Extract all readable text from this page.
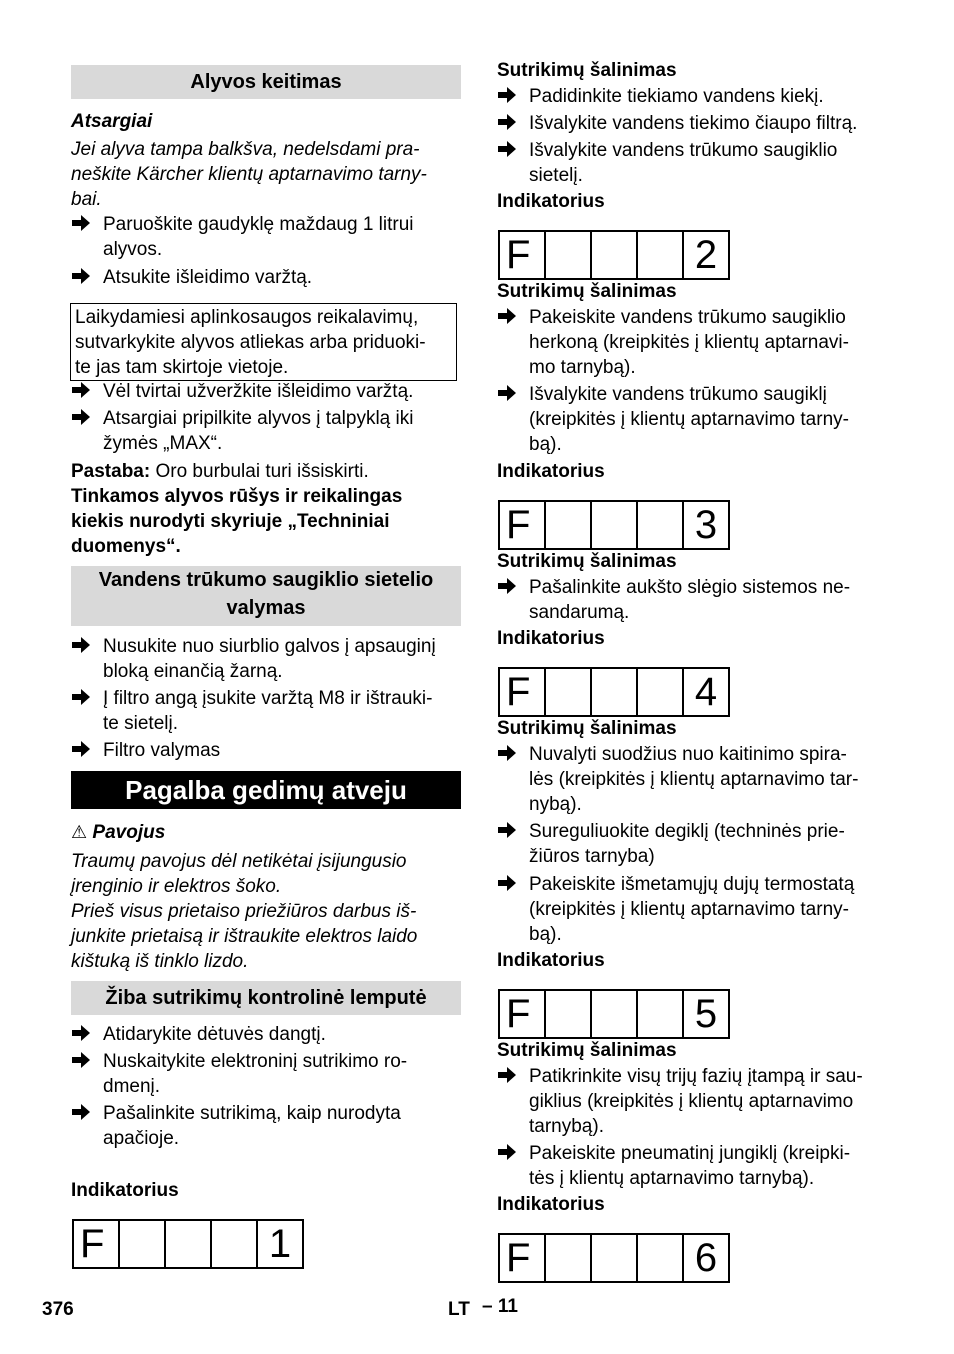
Alyvos keitimas
Atsargiai
Jei alyva tampa balkšva, nedelsdami pra-
neškite Kärcher klientų aptarnavimo tarny-
bai.
Paruoškite gaudyklę maždaug 1 litrui
alyvos.
Atsukite išleidimo varžtą.
Laikydamiesi aplinkosaugos reikalavimų,
sutvarkykite alyvos atliekas arba priduoki-
te jas tam skirtoje vietoje.
Vėl tvirtai užveržkite išleidimo varžtą.
Atsargiai pripilkite alyvos į talpyklą iki
žymės „MAX“.
Pastaba: Oro burbulai turi išsiskirti.
Tinkamos alyvos rūšys ir reikalingas
kiekis nurodyti skyriuje „Techniniai
duomenys“.
Vandens trūkumo saugiklio sietelio
valymas
Nusukite nuo siurblio galvos į apsauginį
bloką einančią žarną.
Į filtro angą įsukite varžtą M8 ir ištrauki-
te sietelį.
Filtro valymas
Pagalba gedimų atveju
⚠ Pavojus
Traumų pavojus dėl netikėtai įsijungusio
įrenginio ir elektros šoko.
Prieš visus prietaiso priežiūros darbus iš-
junkite prietaisą ir ištraukite elektros laido
kištuką iš tinklo lizdo.
Žiba sutrikimų kontrolinė lemputė
Atidarykite dėtuvės dangtį.
Nuskaitykite elektroninį sutrikimo ro-
dmenį.
Pašalinkite sutrikimą, kaip nurodyta
apačioje.
Indikatorius
F	1
Sutrikimų šalinimas
Padidinkite tiekiamo vandens kiekį.
Išvalykite vandens tiekimo čiaupo filtrą.
Išvalykite vandens trūkumo saugiklio
sietelį.
Indikatorius
F	2
Sutrikimų šalinimas
Pakeiskite vandens trūkumo saugiklio
herkoną (kreipkitės į klientų aptarnavi-
mo tarnybą).
Išvalykite vandens trūkumo saugiklį
(kreipkitės į klientų aptarnavimo tarny-
bą).
Indikatorius
F	3
Sutrikimų šalinimas
Pašalinkite aukšto slėgio sistemos ne-
sandarumą.
Indikatorius
F	4
Sutrikimų šalinimas
Nuvalyti suodžius nuo kaitinimo spira-
lės (kreipkitės į klientų aptarnavimo tar-
nybą).
Sureguliuokite degiklį (techninės prie-
žiūros tarnyba)
Pakeiskite išmetamųjų dujų termostatą
(kreipkitės į klientų aptarnavimo tarny-
bą).
Indikatorius
F	5
Sutrikimų šalinimas
Patikrinkite visų trijų fazių įtampą ir sau-
giklius (kreipkitės į klientų aptarnavimo
tarnybą).
Pakeiskite pneumatinį jungiklį (kreipki-
tės į klientų aptarnavimo tarnybą).
Indikatorius
F	6
376	LT – 11
